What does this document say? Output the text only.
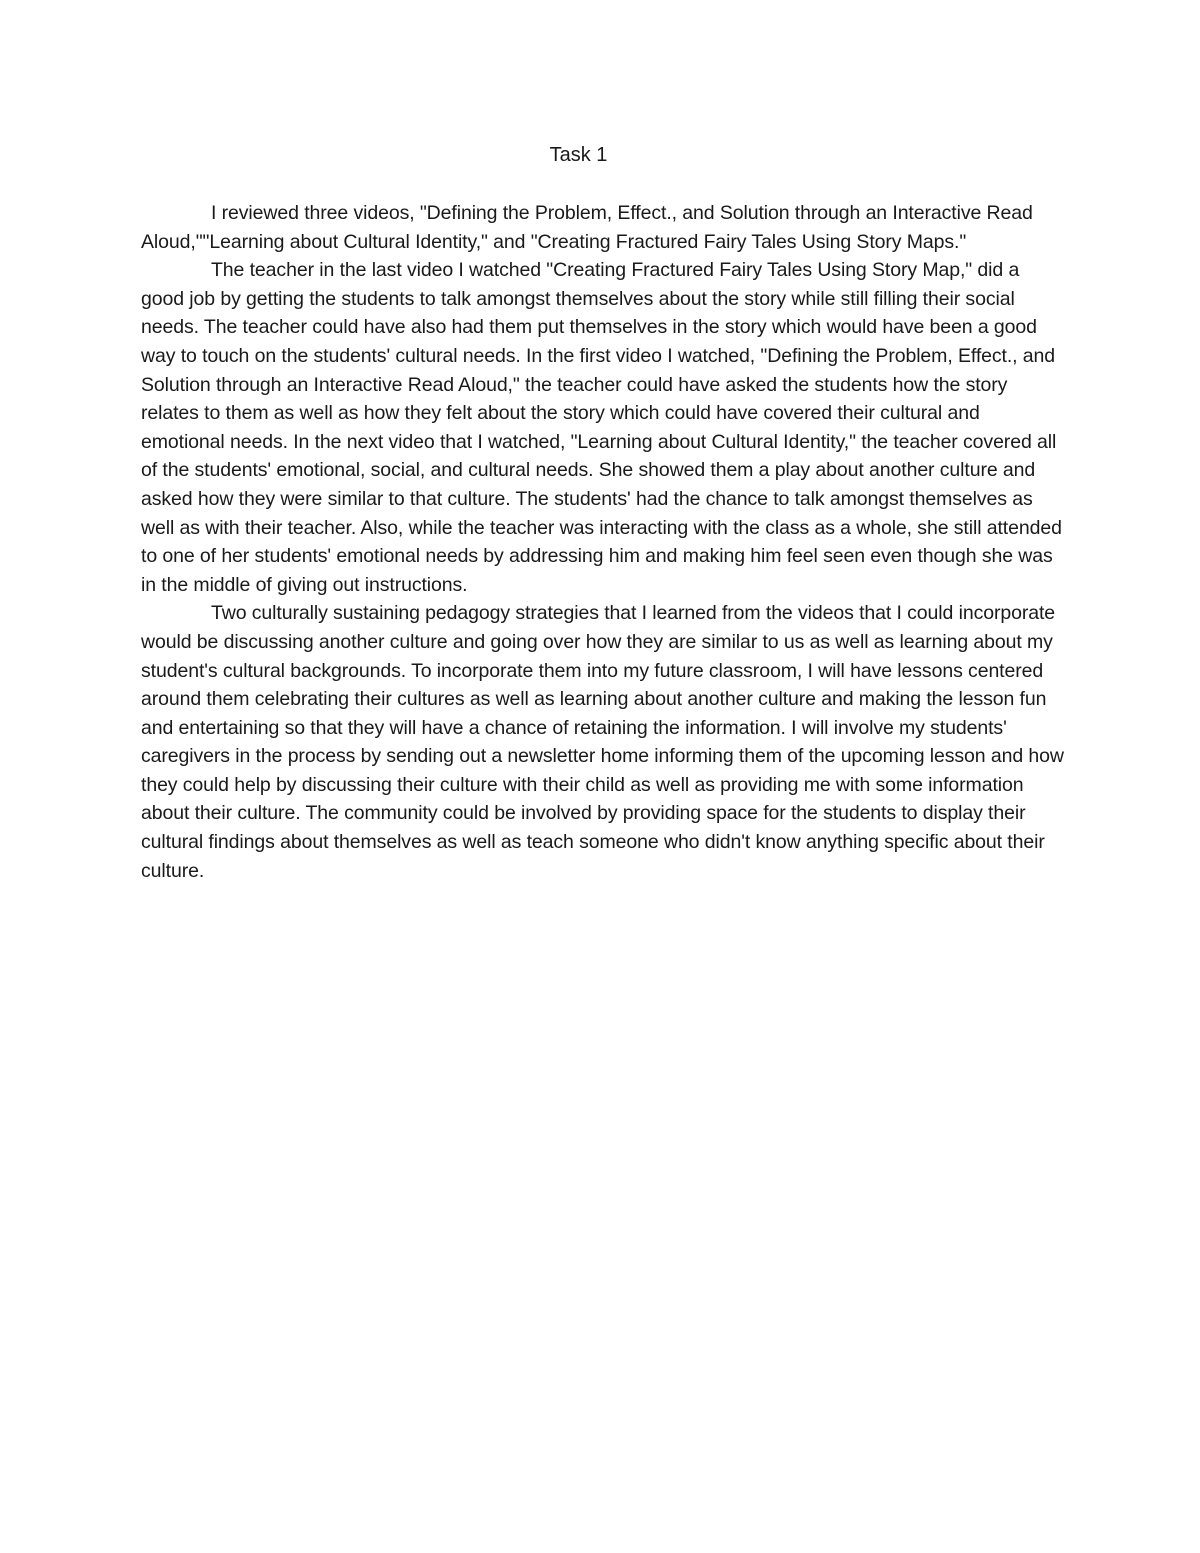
Task 1

I reviewed three videos, "Defining the Problem, Effect., and Solution through an Interactive Read Aloud,""Learning about Cultural Identity," and "Creating Fractured Fairy Tales Using Story Maps."

The teacher in the last video I watched "Creating Fractured Fairy Tales Using Story Map," did a good job by getting the students to talk amongst themselves about the story while still filling their social needs. The teacher could have also had them put themselves in the story which would have been a good way to touch on the students' cultural needs. In the first video I watched, "Defining the Problem, Effect., and Solution through an Interactive Read Aloud," the teacher could have asked the students how the story relates to them as well as how they felt about the story which could have covered their cultural and emotional needs. In the next video that I watched, "Learning about Cultural Identity," the teacher covered all of the students' emotional, social, and cultural needs. She showed them a play about another culture and asked how they were similar to that culture. The students' had the chance to talk amongst themselves as well as with their teacher. Also, while the teacher was interacting with the class as a whole, she still attended to one of her students' emotional needs by addressing him and making him feel seen even though she was in the middle of giving out instructions.

Two culturally sustaining pedagogy strategies that I learned from the videos that I could incorporate would be discussing another culture and going over how they are similar to us as well as learning about my student's cultural backgrounds. To incorporate them into my future classroom, I will have lessons centered around them celebrating their cultures as well as learning about another culture and making the lesson fun and entertaining so that they will have a chance of retaining the information. I will involve my students' caregivers in the process by sending out a newsletter home informing them of the upcoming lesson and how they could help by discussing their culture with their child as well as providing me with some information about their culture. The community could be involved by providing space for the students to display their cultural findings about themselves as well as teach someone who didn't know anything specific about their culture.
